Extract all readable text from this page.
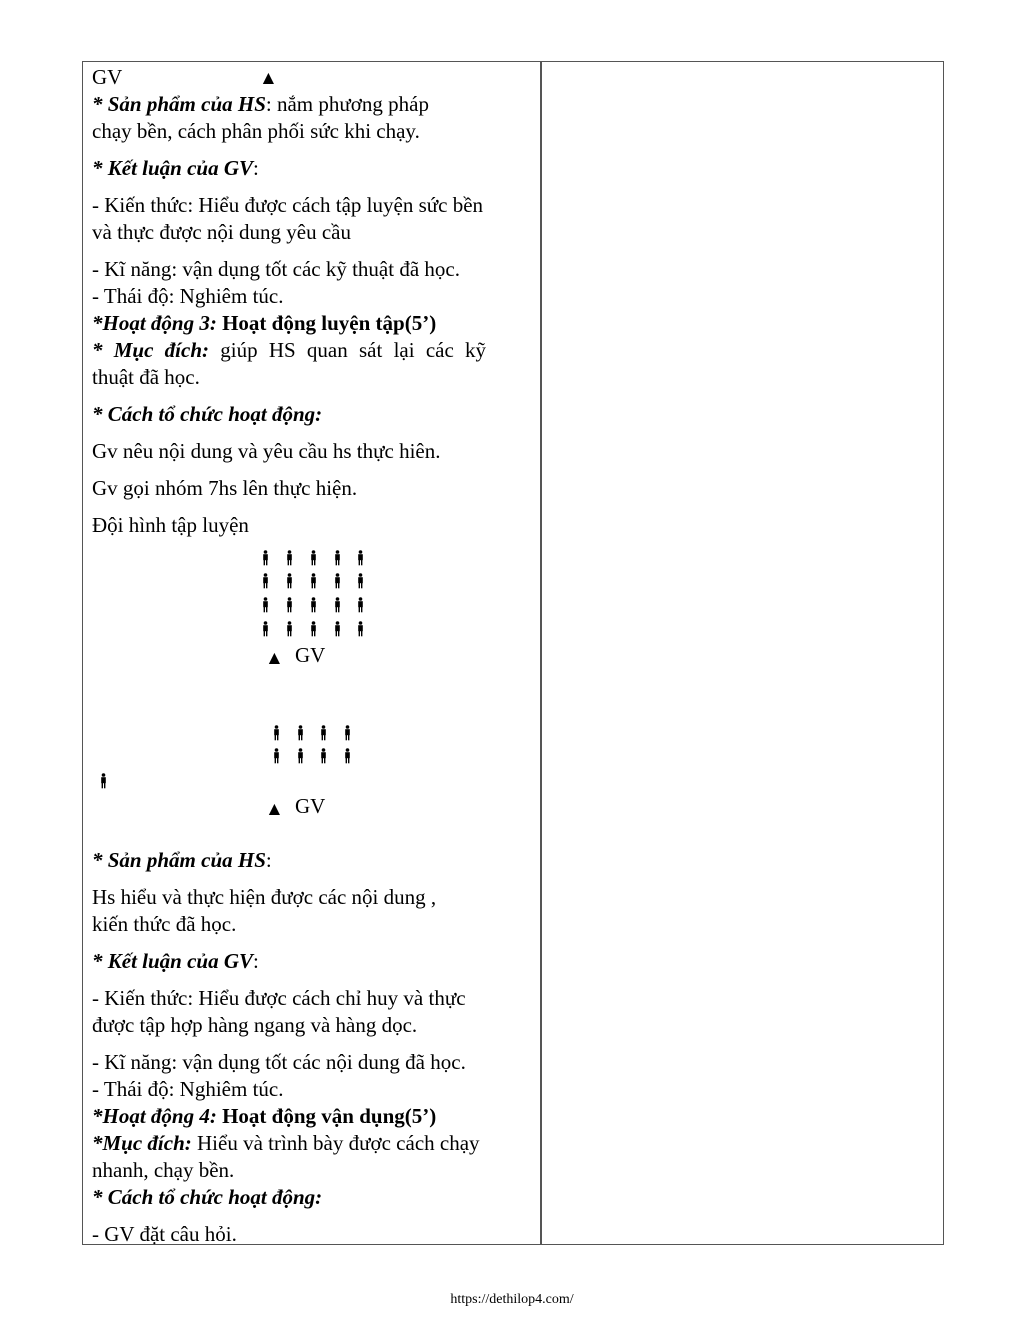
GV	▲
* Sản phẩm của HS: nắm phương pháp
chạy bền, cách phân phối sức khi chạy.
* Kết luận của GV:
- Kiến thức: Hiểu được cách tập luyện sức bền
và thực được nội dung yêu cầu
- Kĩ năng: vận dụng tốt các kỹ thuật đã học.
- Thái độ: Nghiêm túc.
*Hoạt động 3: Hoạt động luyện tập(5’)
* Mục đích: giúp HS quan sát lại các kỹ
thuật đã học.
* Cách tổ chức hoạt động:
Gv nêu nội dung và yêu cầu hs thực hiên.
Gv gọi nhóm 7hs lên thực hiện.
Đội hình tập luyện
▲ GV
▲ GV
* Sản phẩm của HS:
Hs hiểu và thực hiện được các nội dung ,
kiến thức đã học.
* Kết luận của GV:
- Kiến thức: Hiểu được cách chỉ huy và thực
được tập hợp hàng ngang và hàng dọc.
- Kĩ năng: vận dụng tốt các nội dung đã học.
- Thái độ: Nghiêm túc.
*Hoạt động 4: Hoạt động vận dụng(5’)
*Mục đích: Hiểu và trình bày được cách chạy
nhanh, chạy bền.
* Cách tổ chức hoạt động:
- GV đặt câu hỏi.
https://dethilop4.com/
